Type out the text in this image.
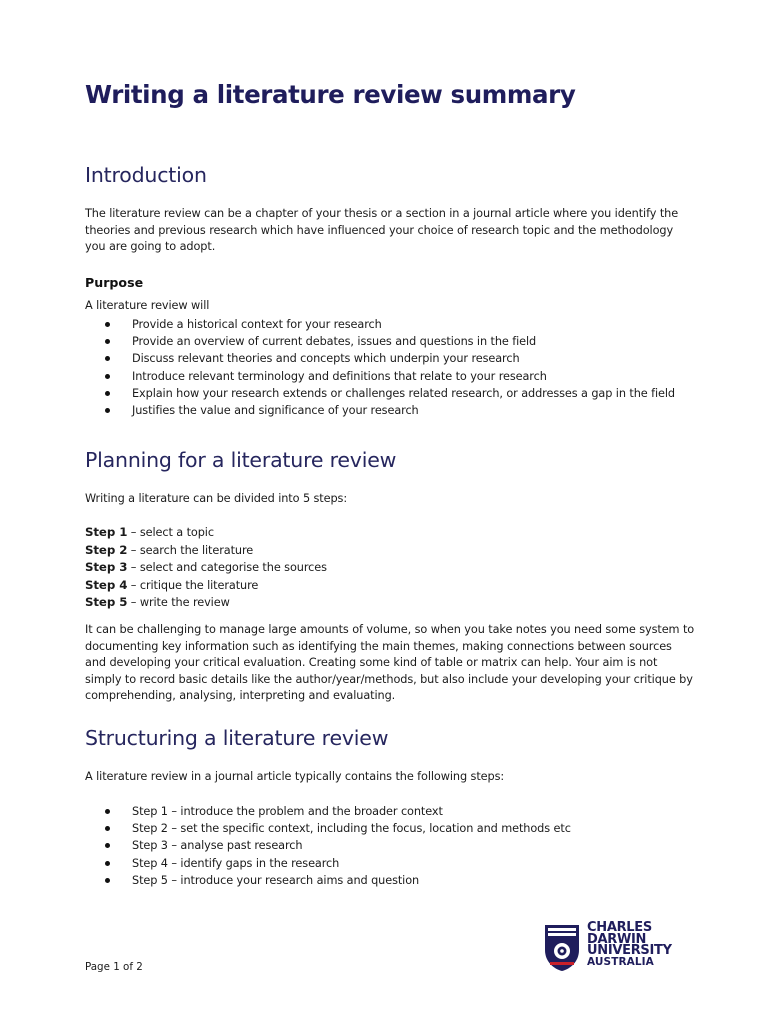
Writing a literature review summary
Introduction

The literature review can be a chapter of your thesis or a section in a journal article where you identify the theories and previous research which have influenced your choice of research topic and the methodology you are going to adopt.

Purpose

A literature review will

Provide a historical context for your research
Provide an overview of current debates, issues and questions in the field
Discuss relevant theories and concepts which underpin your research
Introduce relevant terminology and definitions that relate to your research
Explain how your research extends or challenges related research, or addresses a gap in the field
Justifies the value and significance of your research
Planning for a literature review

Writing a literature can be divided into 5 steps:

Step 1 – select a topic
Step 2 – search the literature
Step 3 – select and categorise the sources
Step 4 – critique the literature
Step 5 – write the review

It can be challenging to manage large amounts of volume, so when you take notes you need some system to documenting key information such as identifying the main themes, making connections between sources and developing your critical evaluation. Creating some kind of table or matrix can help. Your aim is not simply to record basic details like the author/year/methods, but also include your developing your critique by comprehending, analysing, interpreting and evaluating.

Structuring a literature review

A literature review in a journal article typically contains the following steps:

Step 1 – introduce the problem and the broader context
Step 2 – set the specific context, including the focus, location and methods etc
Step 3 – analyse past research
Step 4 – identify gaps in the research
Step 5 – introduce your research aims and question
Page 1 of 2
CHARLES
DARWIN
UNIVERSITY
AUSTRALIA
